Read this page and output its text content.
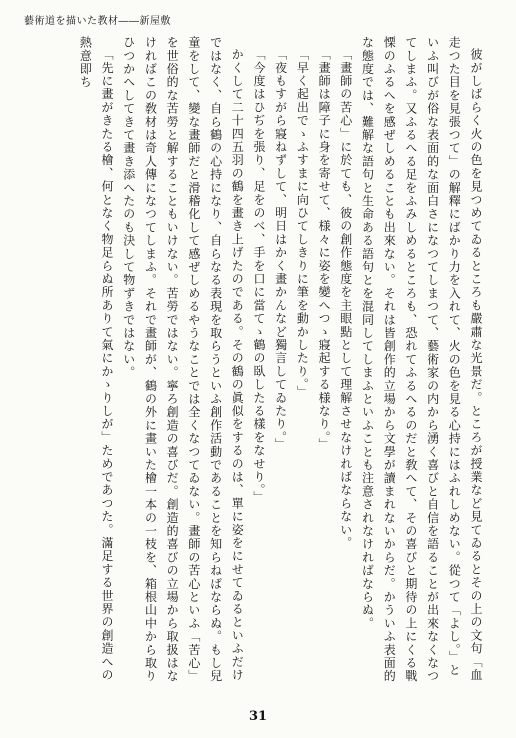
藝術道を描いた教材――新屋敷

彼がしばらく火の色を見つめてゐるところも嚴肅な光景だ。ところが授業など見てゐるとその上の文句「血走つた目を見張つて」の解釋にばかり力を入れて、火の色を見る心持にはふれしめない。從つて「よし。」といふ叫びが俗な表面的な面白さになつてしまつて、藝術家の内から湧く喜びと自信を語ることが出來なくなつてしまふ。又ふるへる足をふみしめるところも、恐れてふるへるのだと敎へて、その喜びと期待の上にくる戰慄のふるへを感ぜしめることも出來ない。それは皆創作的立場から文學が讀まれないからだ。かういふ表面的な態度では、難解な語句と生命ある語句とを混同してしまふといふことも注意されなければならぬ。

「畫師の苦心」に於ても、彼の創作態度を主眼點として理解させなければならない。

「畫師は障子に身を寄せて、様々に姿を變へつゝ寢起する様なり。」

「早く起出でゝふすまに向ひてしきりに筆を動かしたり。」

「夜もすがら寢ねずして、明日はかく畫かんなど獨言してゐたり。」

「今度はひぢを張り、足をのべ、手を口に當てゝ鶴の臥したる樣をなせり。」

かくして二十四五羽の鶴を畫き上げたのである。その鶴の眞似をするのは、單に姿をにせてゐるといふだけではなく、自ら鶴の心持になり、自らなる表現を取らうといふ創作活動であることを知らねばならぬ。もし兒童をして、變な畫師だと滑稽化して感ぜしめるやうなことでは全くなつてゐない。畫師の苦心といふ「苦心」を世俗的な苦勞と解することもいけない。苦勞ではない。寧ろ創造の喜びだ。創造的喜びの立場から取扱はなければこの敎材は奇人傳になつてしまふ。それで畫師が、鶴の外に畫いた檜一本の一枝を、箱根山中から取りひつかへしてきて畫き添へたのも決して物ずきではない。

「先に畫がきたる檜、何となく物足らぬ所ありて氣にかゝりしが」ためであつた。滿足する世界の創造への熱意即ち

31
